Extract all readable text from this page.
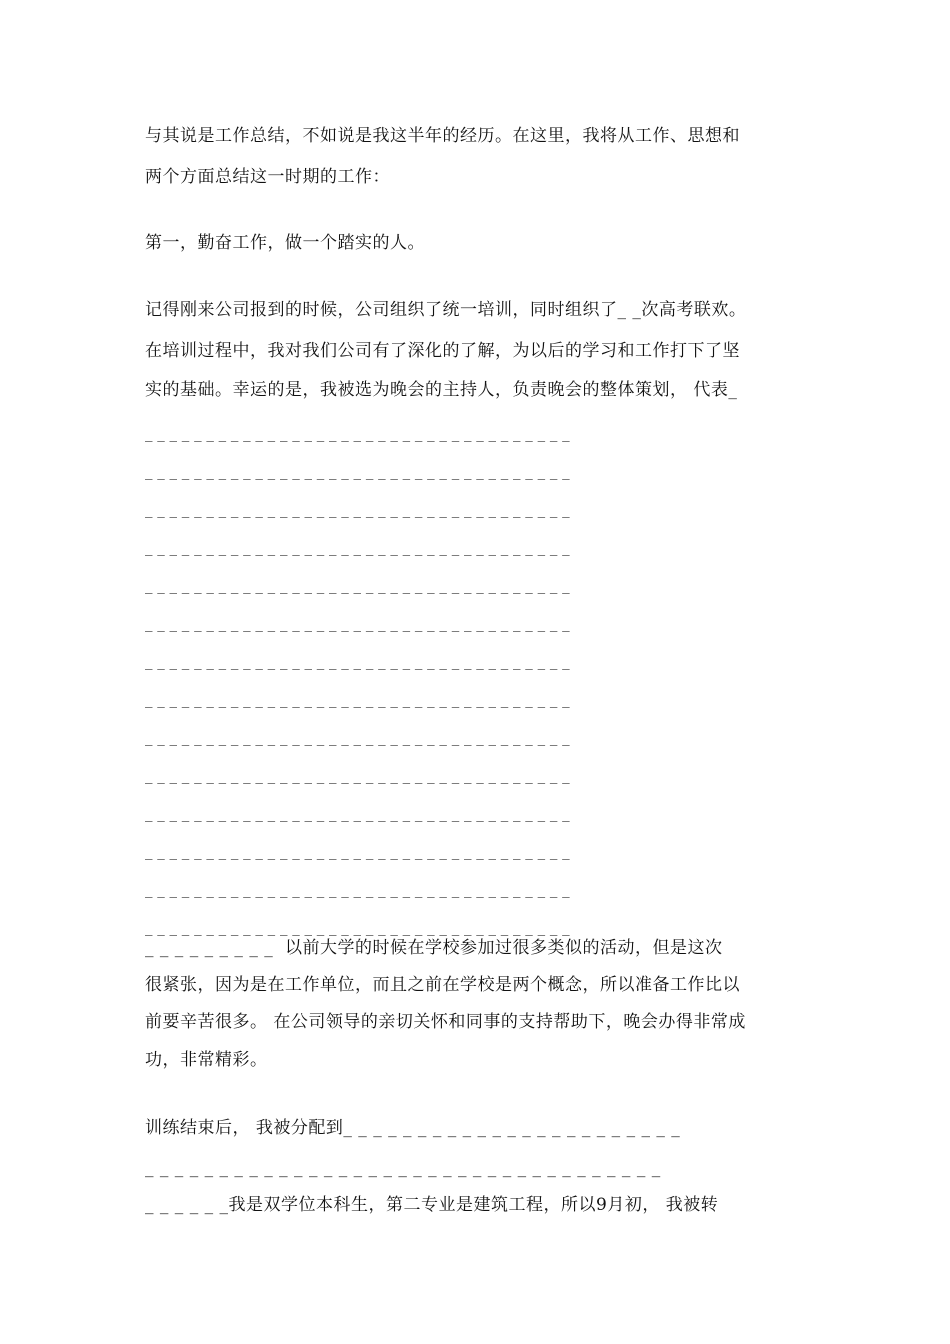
与其说是工作总结，不如说是我这半年的经历。在这里，我将从工作、思想和
两个方面总结这一时期的工作：
第一，勤奋工作，做一个踏实的人。
记得刚来公司报到的时候，公司组织了统一培训，同时组织了_ _次高考联欢。
在培训过程中，我对我们公司有了深化的了解，为以后的学习和工作打下了坚
实的基础。幸运的是，我被选为晚会的主持人，负责晚会的整体策划， 代表_
_ _ _ _ _ _ _ _ _ _ _ _ _ _ _ _ _ _ _ _ _ _ _ _ _ _ _ _ _ _ _ _ _ _ _
_ _ _ _ _ _ _ _ _ _ _ _ _ _ _ _ _ _ _ _ _ _ _ _ _ _ _ _ _ _ _ _ _ _ _
_ _ _ _ _ _ _ _ _ _ _ _ _ _ _ _ _ _ _ _ _ _ _ _ _ _ _ _ _ _ _ _ _ _ _
_ _ _ _ _ _ _ _ _ _ _ _ _ _ _ _ _ _ _ _ _ _ _ _ _ _ _ _ _ _ _ _ _ _ _
_ _ _ _ _ _ _ _ _ _ _ _ _ _ _ _ _ _ _ _ _ _ _ _ _ _ _ _ _ _ _ _ _ _ _
_ _ _ _ _ _ _ _ _ _ _ _ _ _ _ _ _ _ _ _ _ _ _ _ _ _ _ _ _ _ _ _ _ _ _
_ _ _ _ _ _ _ _ _ _ _ _ _ _ _ _ _ _ _ _ _ _ _ _ _ _ _ _ _ _ _ _ _ _ _
_ _ _ _ _ _ _ _ _ _ _ _ _ _ _ _ _ _ _ _ _ _ _ _ _ _ _ _ _ _ _ _ _ _ _
_ _ _ _ _ _ _ _ _ _ _ _ _ _ _ _ _ _ _ _ _ _ _ _ _ _ _ _ _ _ _ _ _ _ _
_ _ _ _ _ _ _ _ _ _ _ _ _ _ _ _ _ _ _ _ _ _ _ _ _ _ _ _ _ _ _ _ _ _ _
_ _ _ _ _ _ _ _ _ _ _ _ _ _ _ _ _ _ _ _ _ _ _ _ _ _ _ _ _ _ _ _ _ _ _
_ _ _ _ _ _ _ _ _ _ _ _ _ _ _ _ _ _ _ _ _ _ _ _ _ _ _ _ _ _ _ _ _ _ _
_ _ _ _ _ _ _ _ _ _ _ _ _ _ _ _ _ _ _ _ _ _ _ _ _ _ _ _ _ _ _ _ _ _ _
_ _ _ _ _ _ _ _ _ _ _ _ _ _ _ _ _ _ _ _ _ _ _ _ _ _ _ _ _ _ _ _ _ _ _
_ _ _ _ _ _ _ _ _  以前大学的时候在学校参加过很多类似的活动，但是这次
很紧张，因为是在工作单位，而且之前在学校是两个概念，所以准备工作比以
前要辛苦很多。 在公司领导的亲切关怀和同事的支持帮助下，晚会办得非常成
功，非常精彩。
训练结束后， 我被分配到_ _ _ _ _ _ _ _ _ _ _ _ _ _ _ _ _ _ _ _ _ _ _
_ _ _ _ _ _ _ _ _ _ _ _ _ _ _ _ _ _ _ _ _ _ _ _ _ _ _ _ _ _ _ _ _ _ _
_ _ _ _ _ _我是双学位本科生，第二专业是建筑工程，所以9月初， 我被转
